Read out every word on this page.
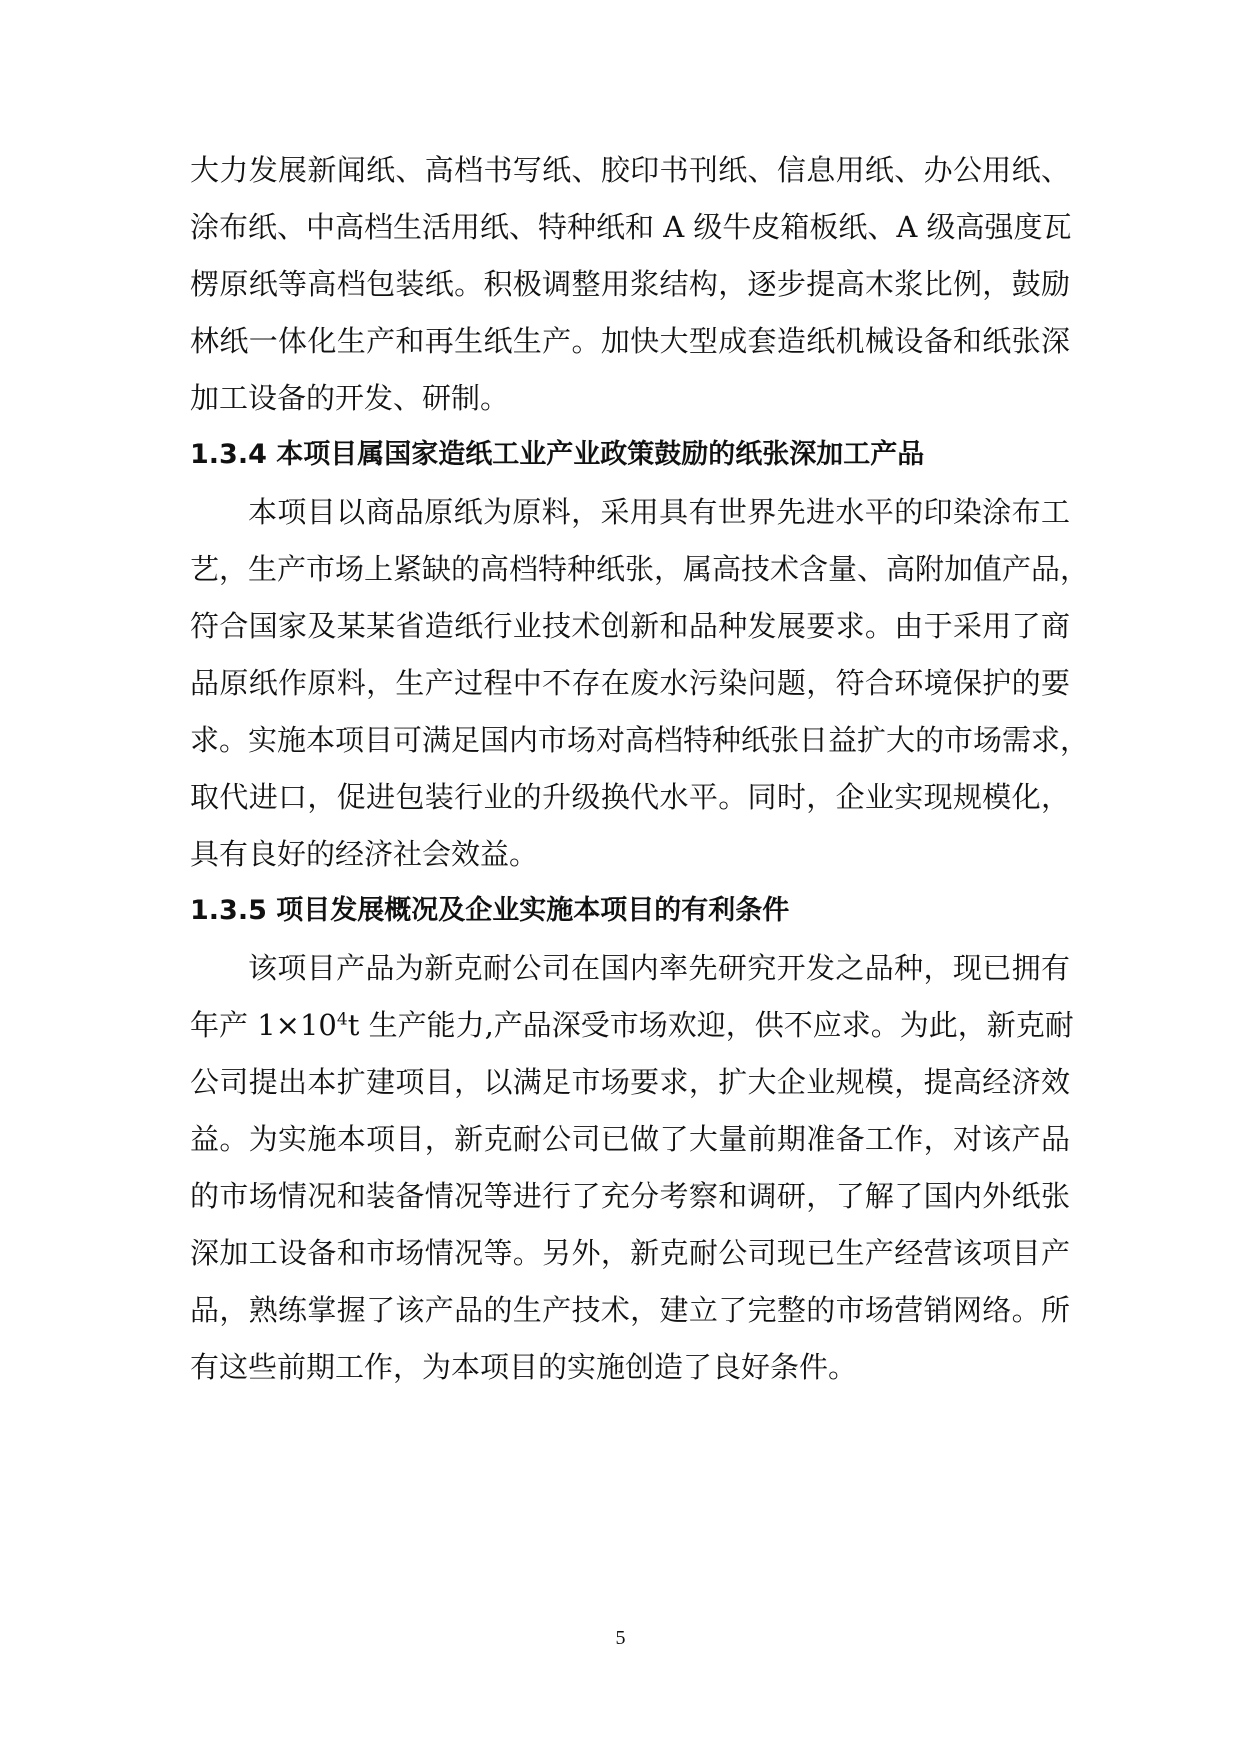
大力发展新闻纸、高档书写纸、胶印书刊纸、信息用纸、办公用纸、
涂布纸、中高档生活用纸、特种纸和 A 级牛皮箱板纸、A 级高强度瓦
楞原纸等高档包装纸。积极调整用浆结构，逐步提高木浆比例，鼓励
林纸一体化生产和再生纸生产。加快大型成套造纸机械设备和纸张深
加工设备的开发、研制。
1.3.4 本项目属国家造纸工业产业政策鼓励的纸张深加工产品
本项目以商品原纸为原料，采用具有世界先进水平的印染涂布工
艺，生产市场上紧缺的高档特种纸张，属高技术含量、高附加值产品，
符合国家及某某省造纸行业技术创新和品种发展要求。由于采用了商
品原纸作原料，生产过程中不存在废水污染问题，符合环境保护的要
求。实施本项目可满足国内市场对高档特种纸张日益扩大的市场需求，
取代进口，促进包装行业的升级换代水平。同时，企业实现规模化，
具有良好的经济社会效益。
1.3.5 项目发展概况及企业实施本项目的有利条件
该项目产品为新克耐公司在国内率先研究开发之品种，现已拥有
年产 $1\times 10^4t$ 生产能力,产品深受市场欢迎，供不应求。为此，新克耐
公司提出本扩建项目，以满足市场要求，扩大企业规模，提高经济效
益。为实施本项目，新克耐公司已做了大量前期准备工作，对该产品
的市场情况和装备情况等进行了充分考察和调研，了解了国内外纸张
深加工设备和市场情况等。另外，新克耐公司现已生产经营该项目产
品，熟练掌握了该产品的生产技术，建立了完整的市场营销网络。所
有这些前期工作，为本项目的实施创造了良好条件。
5
